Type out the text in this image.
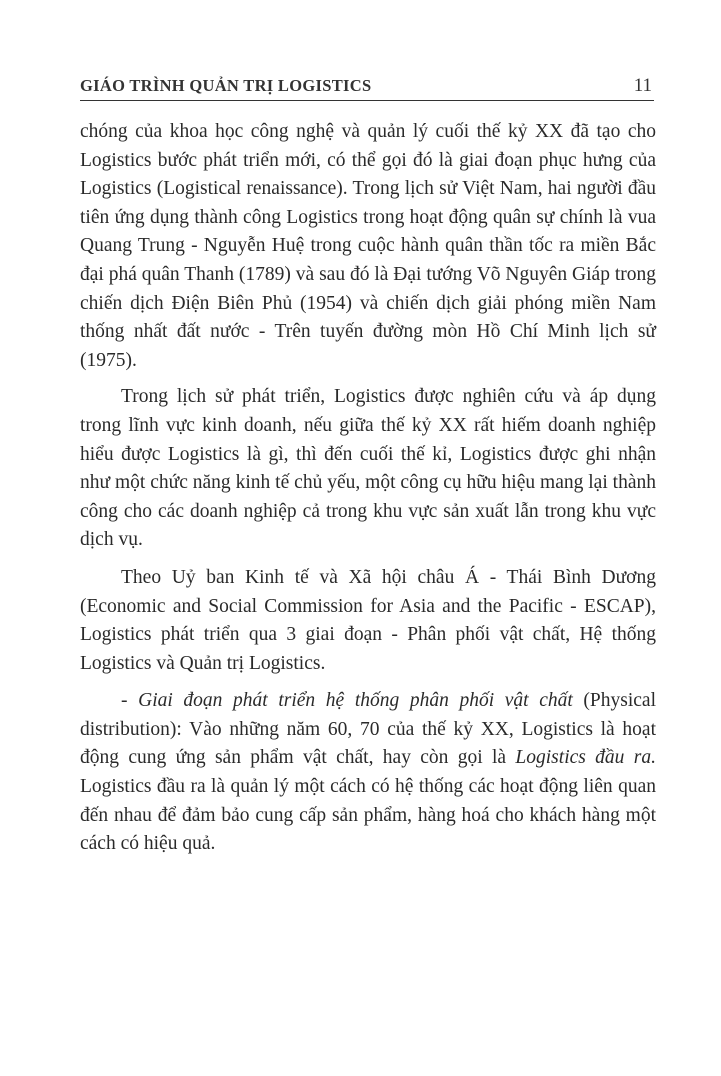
GIÁO TRÌNH QUẢN TRỊ LOGISTICS	11

chóng của khoa học công nghệ và quản lý cuối thế kỷ XX đã tạo cho Logistics bước phát triển mới, có thể gọi đó là giai đoạn phục hưng của Logistics (Logistical renaissance). Trong lịch sử Việt Nam, hai người đầu tiên ứng dụng thành công Logistics trong hoạt động quân sự chính là vua Quang Trung - Nguyễn Huệ trong cuộc hành quân thần tốc ra miền Bắc đại phá quân Thanh (1789) và sau đó là Đại tướng Võ Nguyên Giáp trong chiến dịch Điện Biên Phủ (1954) và chiến dịch giải phóng miền Nam thống nhất đất nước - Trên tuyến đường mòn Hồ Chí Minh lịch sử (1975).

Trong lịch sử phát triển, Logistics được nghiên cứu và áp dụng trong lĩnh vực kinh doanh, nếu giữa thế kỷ XX rất hiếm doanh nghiệp hiểu được Logistics là gì, thì đến cuối thế kỉ, Logistics được ghi nhận như một chức năng kinh tế chủ yếu, một công cụ hữu hiệu mang lại thành công cho các doanh nghiệp cả trong khu vực sản xuất lẫn trong khu vực dịch vụ.

Theo Uỷ ban Kinh tế và Xã hội châu Á - Thái Bình Dương (Economic and Social Commission for Asia and the Pacific - ESCAP), Logistics phát triển qua 3 giai đoạn - Phân phối vật chất, Hệ thống Logistics và Quản trị Logistics.

- Giai đoạn phát triển hệ thống phân phối vật chất (Physical distribution): Vào những năm 60, 70 của thế kỷ XX, Logistics là hoạt động cung ứng sản phẩm vật chất, hay còn gọi là Logistics đầu ra. Logistics đầu ra là quản lý một cách có hệ thống các hoạt động liên quan đến nhau để đảm bảo cung cấp sản phẩm, hàng hoá cho khách hàng một cách có hiệu quả.
